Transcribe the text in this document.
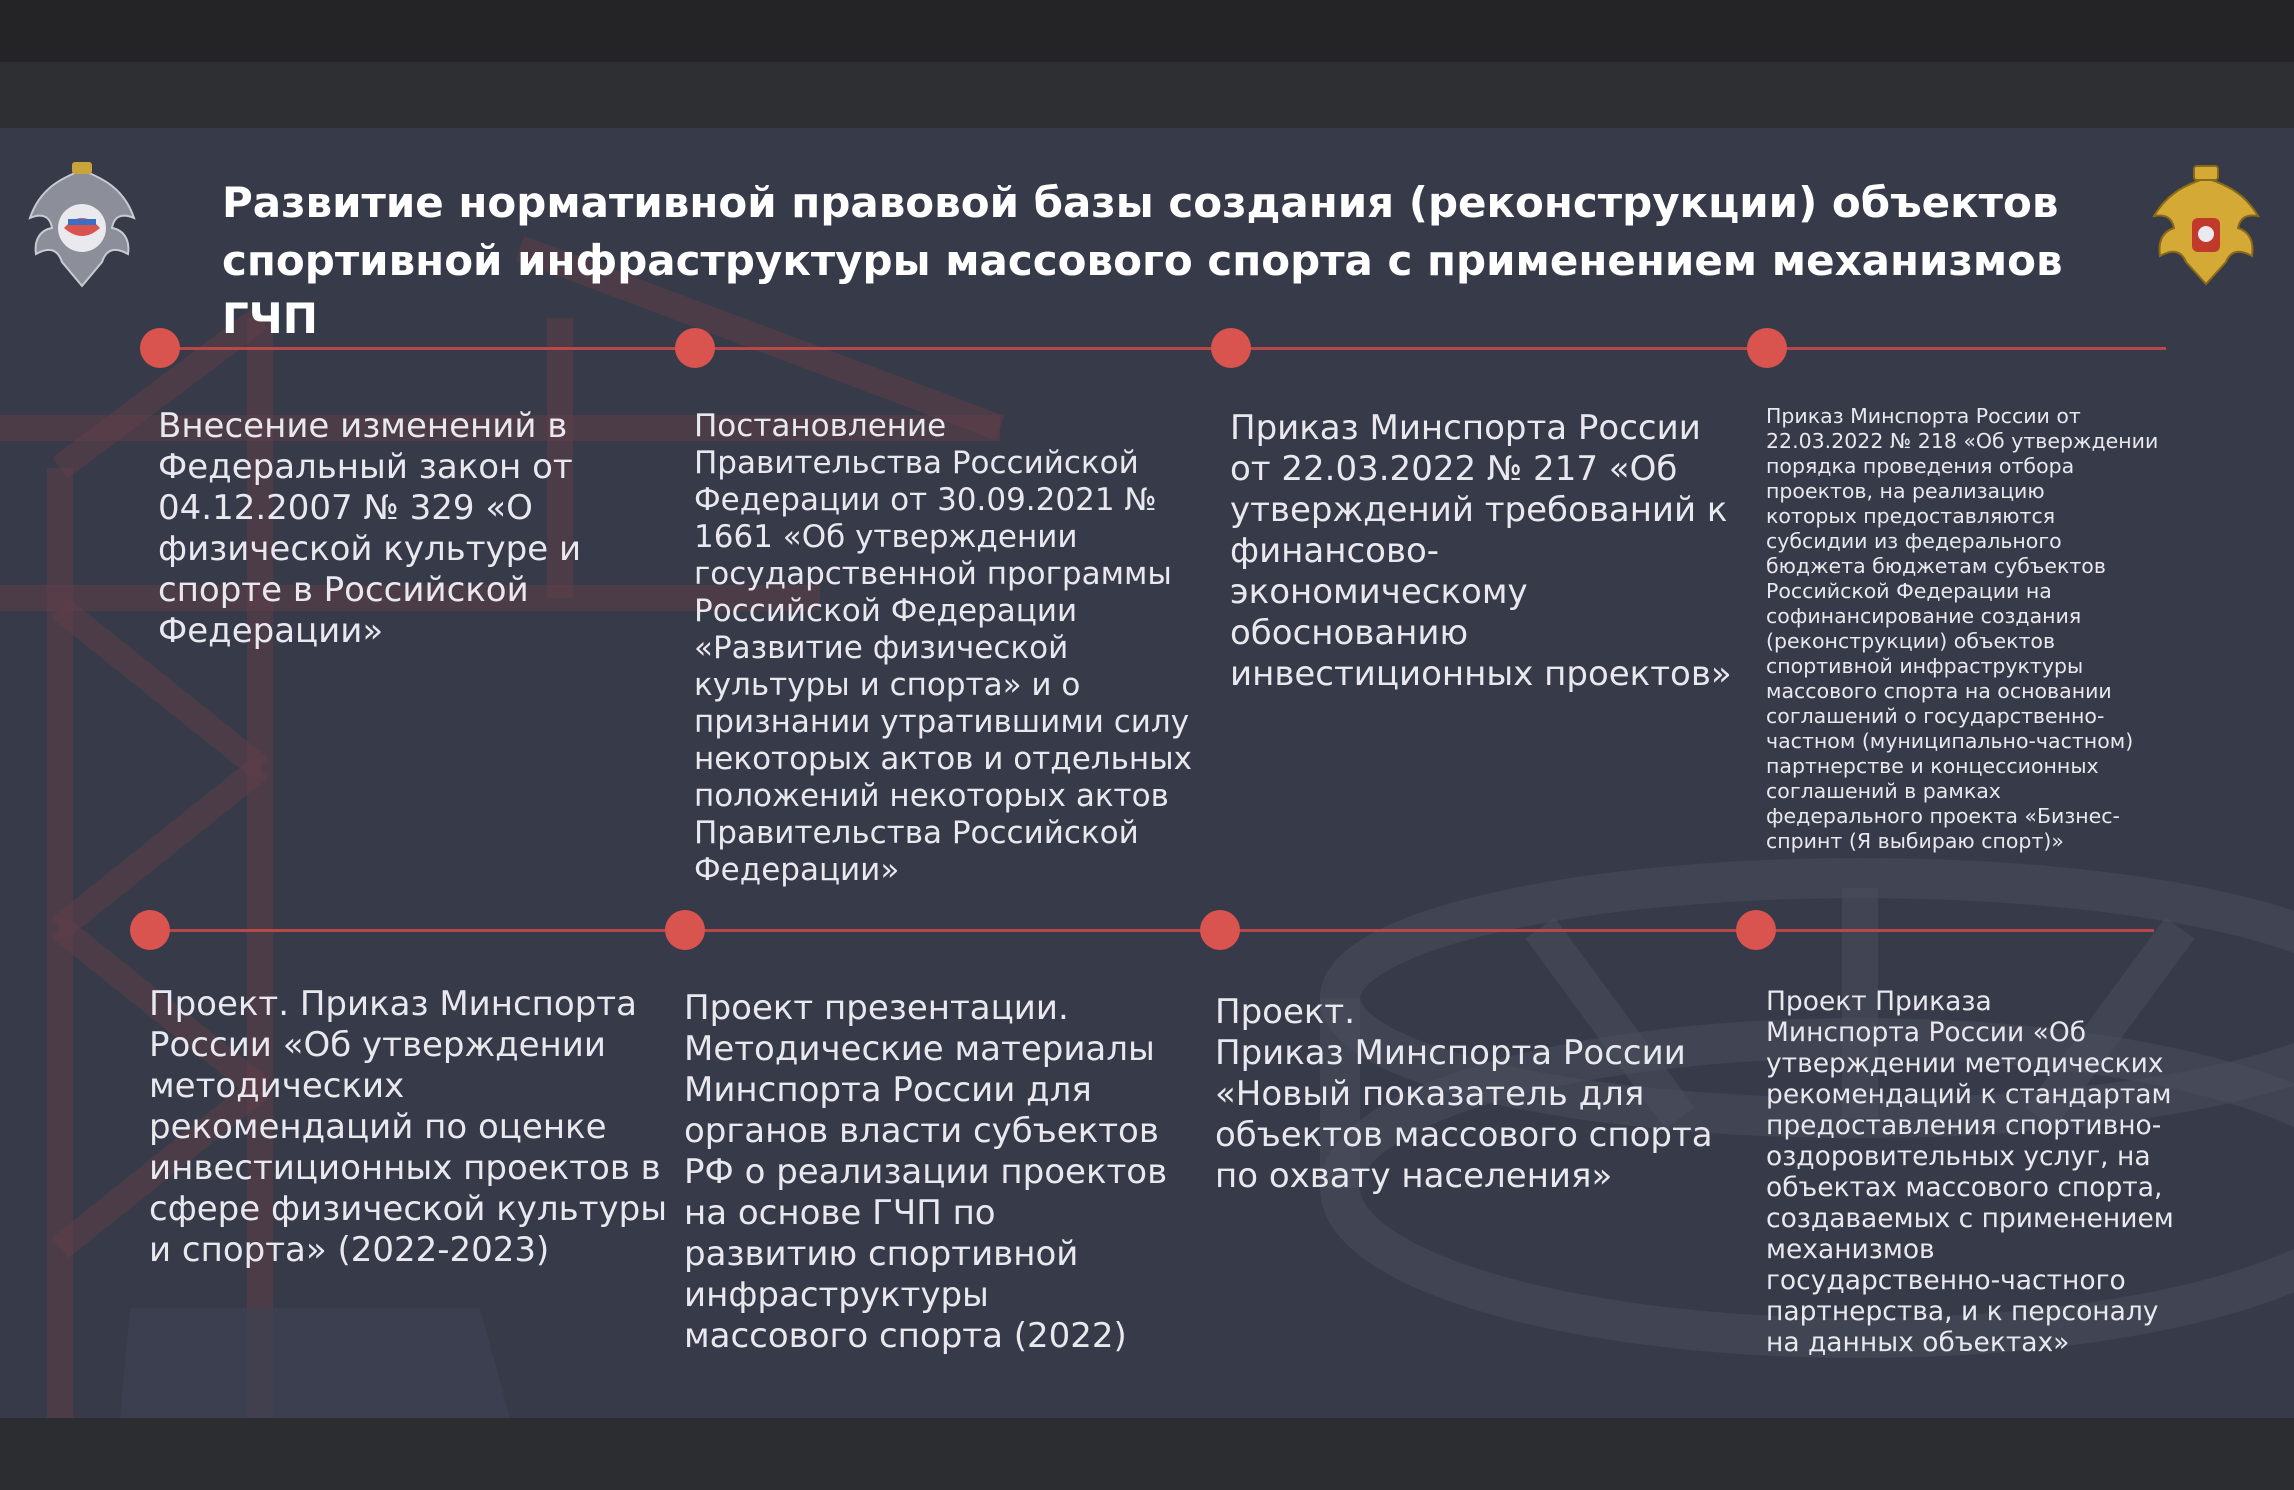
Развитие нормативной правовой базы создания (реконструкции) объектов
спортивной инфраструктуры массового спорта с применением механизмов ГЧП
Внесение изменений в
Федеральный закон от
04.12.2007 № 329 «О
физической культуре и
спорте в Российской
Федерации»
Постановление
Правительства Российской
Федерации от 30.09.2021 №
1661 «Об утверждении
государственной программы
Российской Федерации
«Развитие физической
культуры и спорта» и о
признании утратившими силу
некоторых актов и отдельных
положений некоторых актов
Правительства Российской
Федерации»
Приказ Минспорта России
от 22.03.2022 № 217 «Об
утверждений требований к
финансово-
экономическому
обоснованию
инвестиционных проектов»
Приказ Минспорта России от
22.03.2022 № 218 «Об утверждении
порядка проведения отбора
проектов, на реализацию
которых предоставляются
субсидии из федерального
бюджета бюджетам субъектов
Российской Федерации на
софинансирование создания
(реконструкции) объектов
спортивной инфраструктуры
массового спорта на основании
соглашений о государственно-
частном (муниципально-частном)
партнерстве и концессионных
соглашений в рамках
федерального проекта «Бизнес-
спринт (Я выбираю спорт)»
Проект. Приказ Минспорта
России «Об утверждении
методических
рекомендаций по оценке
инвестиционных проектов в
сфере физической культуры
и спорта» (2022-2023)
Проект презентации.
Методические материалы
Минспорта России для
органов власти субъектов
РФ о реализации проектов
на основе ГЧП по
развитию спортивной
инфраструктуры
массового спорта (2022)
Проект.
Приказ Минспорта России
«Новый показатель для
объектов массового спорта
по охвату населения»
Проект Приказа
Минспорта России «Об
утверждении методических
рекомендаций к стандартам
предоставления спортивно-
оздоровительных услуг, на
объектах массового спорта,
создаваемых с применением
механизмов
государственно-частного
партнерства, и к персоналу
на данных объектах»
